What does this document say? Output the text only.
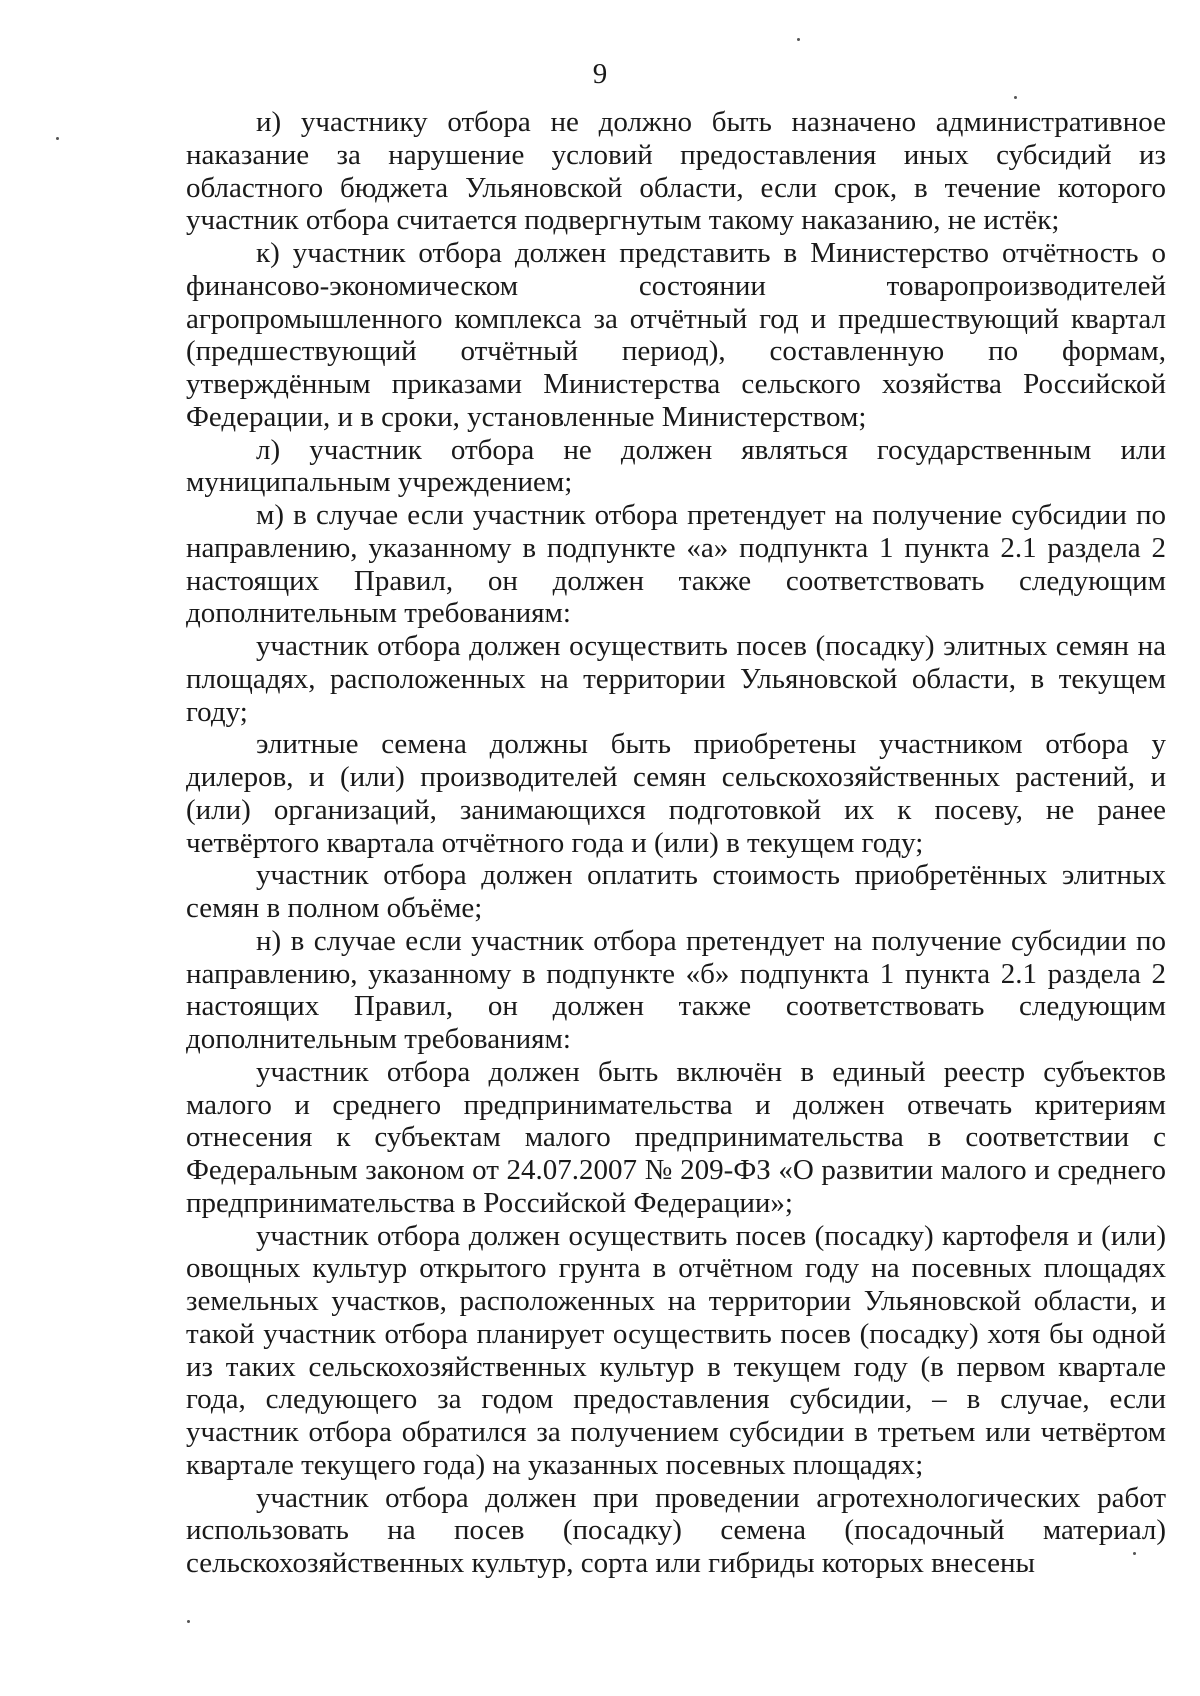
9

и) участнику отбора не должно быть назначено административное наказание за нарушение условий предоставления иных субсидий из областного бюджета Ульяновской области, если срок, в течение которого участник отбора считается подвергнутым такому наказанию, не истёк;

к) участник отбора должен представить в Министерство отчётность о финансово-экономическом состоянии товаропроизводителей агропромышленного комплекса за отчётный год и предшествующий квартал (предшествующий отчётный период), составленную по формам, утверждённым приказами Министерства сельского хозяйства Российской Федерации, и в сроки, установленные Министерством;

л) участник отбора не должен являться государственным или муниципальным учреждением;

м) в случае если участник отбора претендует на получение субсидии по направлению, указанному в подпункте «а» подпункта 1 пункта 2.1 раздела 2 настоящих Правил, он должен также соответствовать следующим дополнительным требованиям:

участник отбора должен осуществить посев (посадку) элитных семян на площадях, расположенных на территории Ульяновской области, в текущем году;

элитные семена должны быть приобретены участником отбора у дилеров, и (или) производителей семян сельскохозяйственных растений, и (или) организаций, занимающихся подготовкой их к посеву, не ранее четвёртого квартала отчётного года и (или) в текущем году;

участник отбора должен оплатить стоимость приобретённых элитных семян в полном объёме;

н) в случае если участник отбора претендует на получение субсидии по направлению, указанному в подпункте «б» подпункта 1 пункта 2.1 раздела 2 настоящих Правил, он должен также соответствовать следующим дополнительным требованиям:

участник отбора должен быть включён в единый реестр субъектов малого и среднего предпринимательства и должен отвечать критериям отнесения к субъектам малого предпринимательства в соответствии с Федеральным законом от 24.07.2007 № 209-ФЗ «О развитии малого и среднего предпринимательства в Российской Федерации»;

участник отбора должен осуществить посев (посадку) картофеля и (или) овощных культур открытого грунта в отчётном году на посевных площадях земельных участков, расположенных на территории Ульяновской области, и такой участник отбора планирует осуществить посев (посадку) хотя бы одной из таких сельскохозяйственных культур в текущем году (в первом квартале года, следующего за годом предоставления субсидии, – в случае, если участник отбора обратился за получением субсидии в третьем или четвёртом квартале текущего года) на указанных посевных площадях;

участник отбора должен при проведении агротехнологических работ использовать на посев (посадку) семена (посадочный материал) сельскохозяйственных культур, сорта или гибриды которых внесены
